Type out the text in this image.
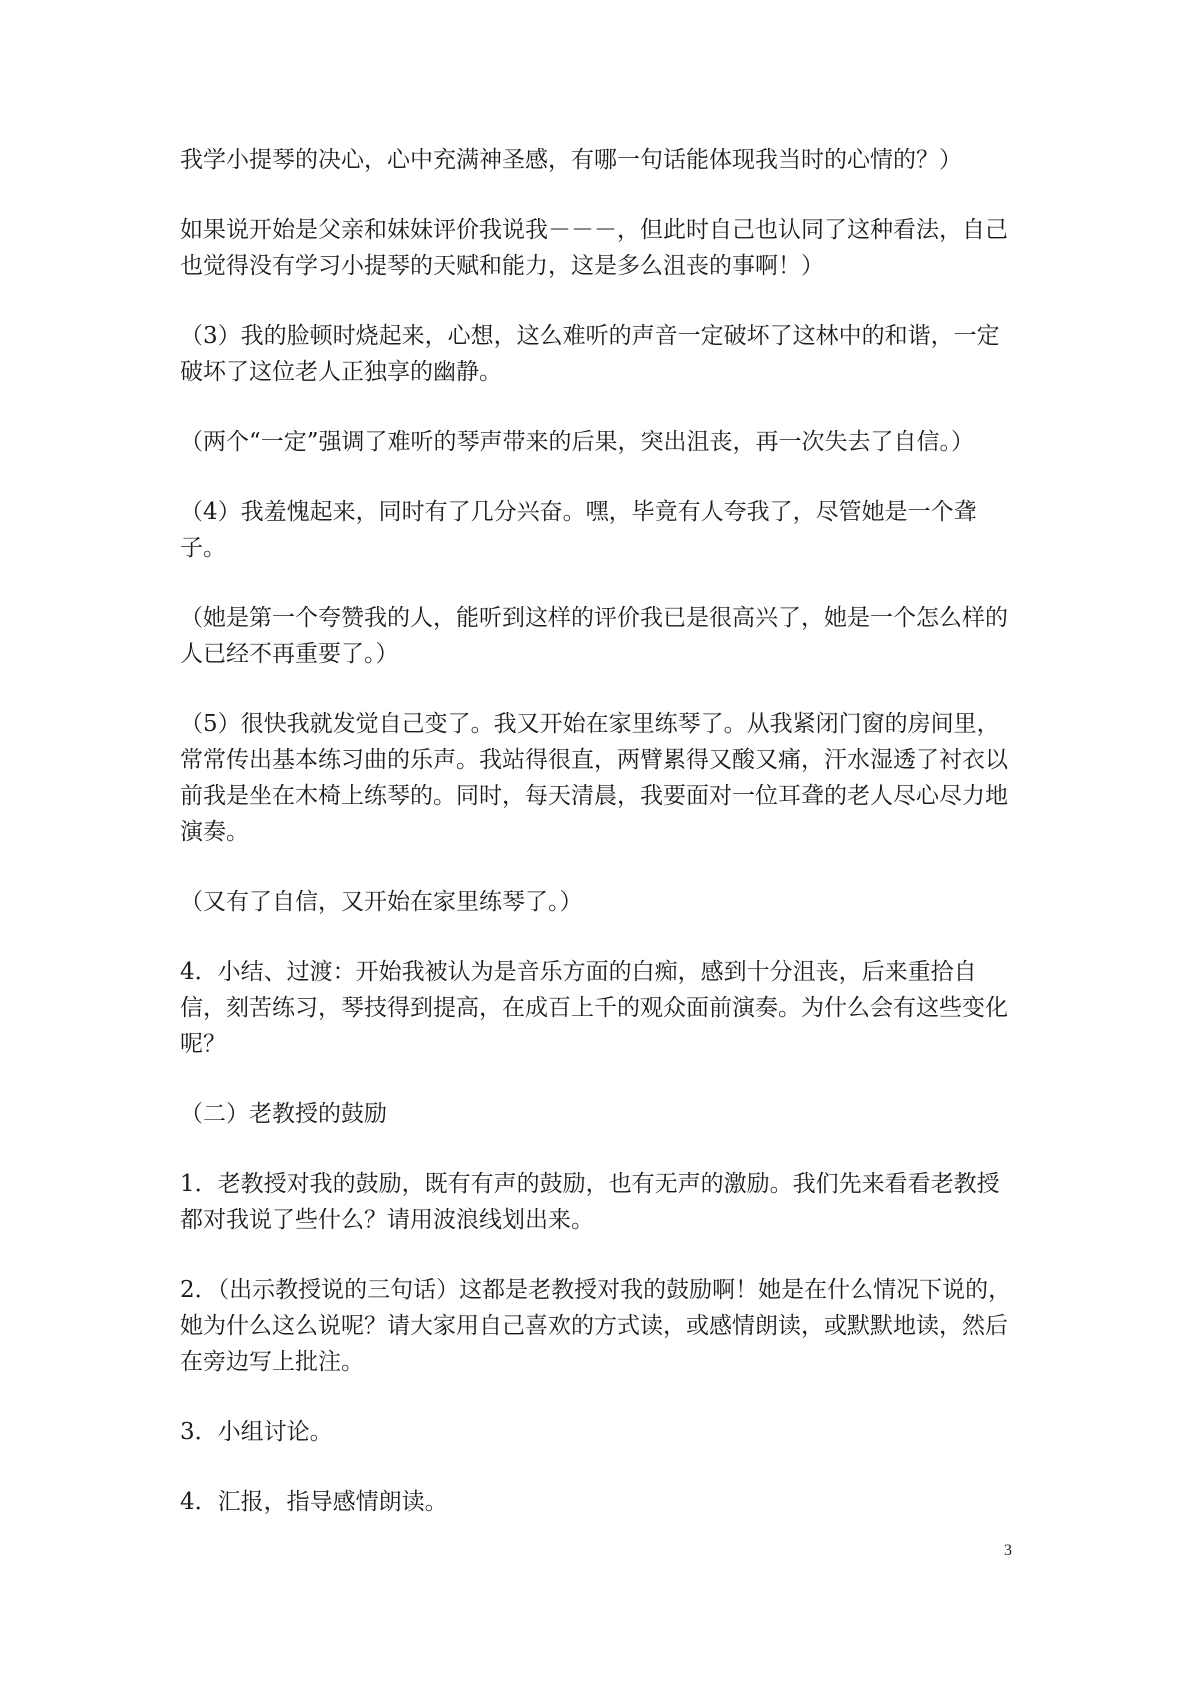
我学小提琴的决心，心中充满神圣感，有哪一句话能体现我当时的心情的？）

如果说开始是父亲和妹妹评价我说我－－－，但此时自己也认同了这种看法，自己也觉得没有学习小提琴的天赋和能力，这是多么沮丧的事啊！）

（3）我的脸顿时烧起来，心想，这么难听的声音一定破坏了这林中的和谐，一定破坏了这位老人正独享的幽静。

（两个“一定”强调了难听的琴声带来的后果，突出沮丧，再一次失去了自信。）

（4）我羞愧起来，同时有了几分兴奋。嘿，毕竟有人夸我了，尽管她是一个聋子。

（她是第一个夸赞我的人，能听到这样的评价我已是很高兴了，她是一个怎么样的人已经不再重要了。）

（5）很快我就发觉自己变了。我又开始在家里练琴了。从我紧闭门窗的房间里，常常传出基本练习曲的乐声。我站得很直，两臂累得又酸又痛，汗水湿透了衬衣以前我是坐在木椅上练琴的。同时，每天清晨，我要面对一位耳聋的老人尽心尽力地演奏。

（又有了自信，又开始在家里练琴了。）

4．小结、过渡：开始我被认为是音乐方面的白痴，感到十分沮丧，后来重拾自信，刻苦练习，琴技得到提高，在成百上千的观众面前演奏。为什么会有这些变化呢？

（二）老教授的鼓励

1．老教授对我的鼓励，既有有声的鼓励，也有无声的激励。我们先来看看老教授都对我说了些什么？请用波浪线划出来。

2．（出示教授说的三句话）这都是老教授对我的鼓励啊！她是在什么情况下说的，她为什么这么说呢？请大家用自己喜欢的方式读，或感情朗读，或默默地读，然后在旁边写上批注。

3．小组讨论。

4．汇报，指导感情朗读。

3
